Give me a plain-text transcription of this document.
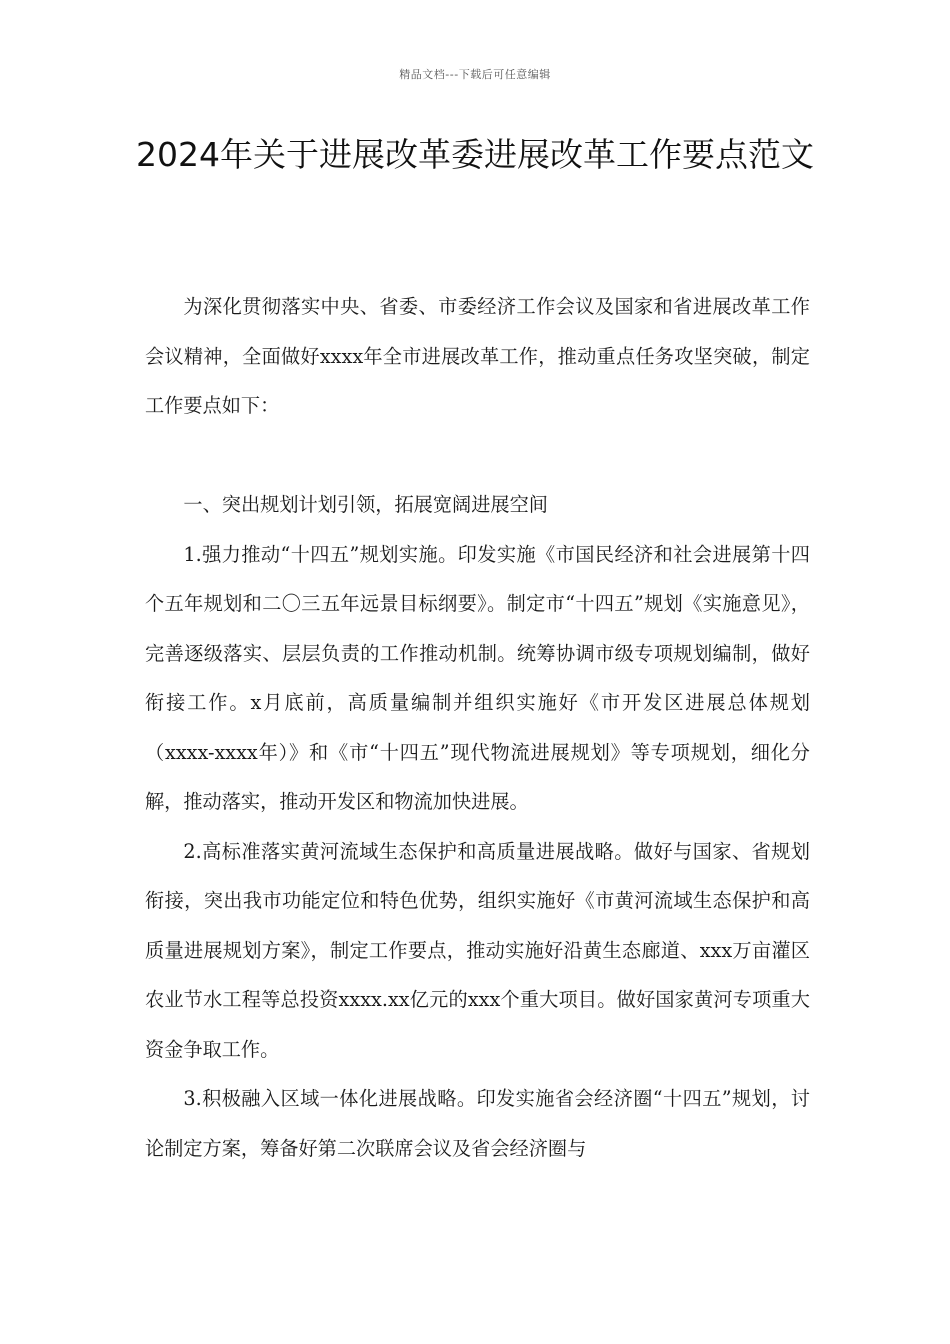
精品文档---下载后可任意编辑
2024年关于进展改革委进展改革工作要点范文

为深化贯彻落实中央、省委、市委经济工作会议及国家和省进展改革工作会议精神，全面做好xxxx年全市进展改革工作，推动重点任务攻坚突破，制定工作要点如下：

一、突出规划计划引领，拓展宽阔进展空间

1.强力推动“十四五”规划实施。印发实施《市国民经济和社会进展第十四个五年规划和二〇三五年远景目标纲要》。制定市“十四五”规划《实施意见》，完善逐级落实、层层负责的工作推动机制。统筹协调市级专项规划编制，做好衔接工作。x月底前，高质量编制并组织实施好《市开发区进展总体规划（xxxx-xxxx年）》和《市“十四五”现代物流进展规划》等专项规划，细化分解，推动落实，推动开发区和物流加快进展。

2.高标准落实黄河流域生态保护和高质量进展战略。做好与国家、省规划衔接，突出我市功能定位和特色优势，组织实施好《市黄河流域生态保护和高质量进展规划方案》，制定工作要点，推动实施好沿黄生态廊道、xxx万亩灌区农业节水工程等总投资xxxx.xx亿元的xxx个重大项目。做好国家黄河专项重大资金争取工作。

3.积极融入区域一体化进展战略。印发实施省会经济圈“十四五”规划，讨论制定方案，筹备好第二次联席会议及省会经济圈与
